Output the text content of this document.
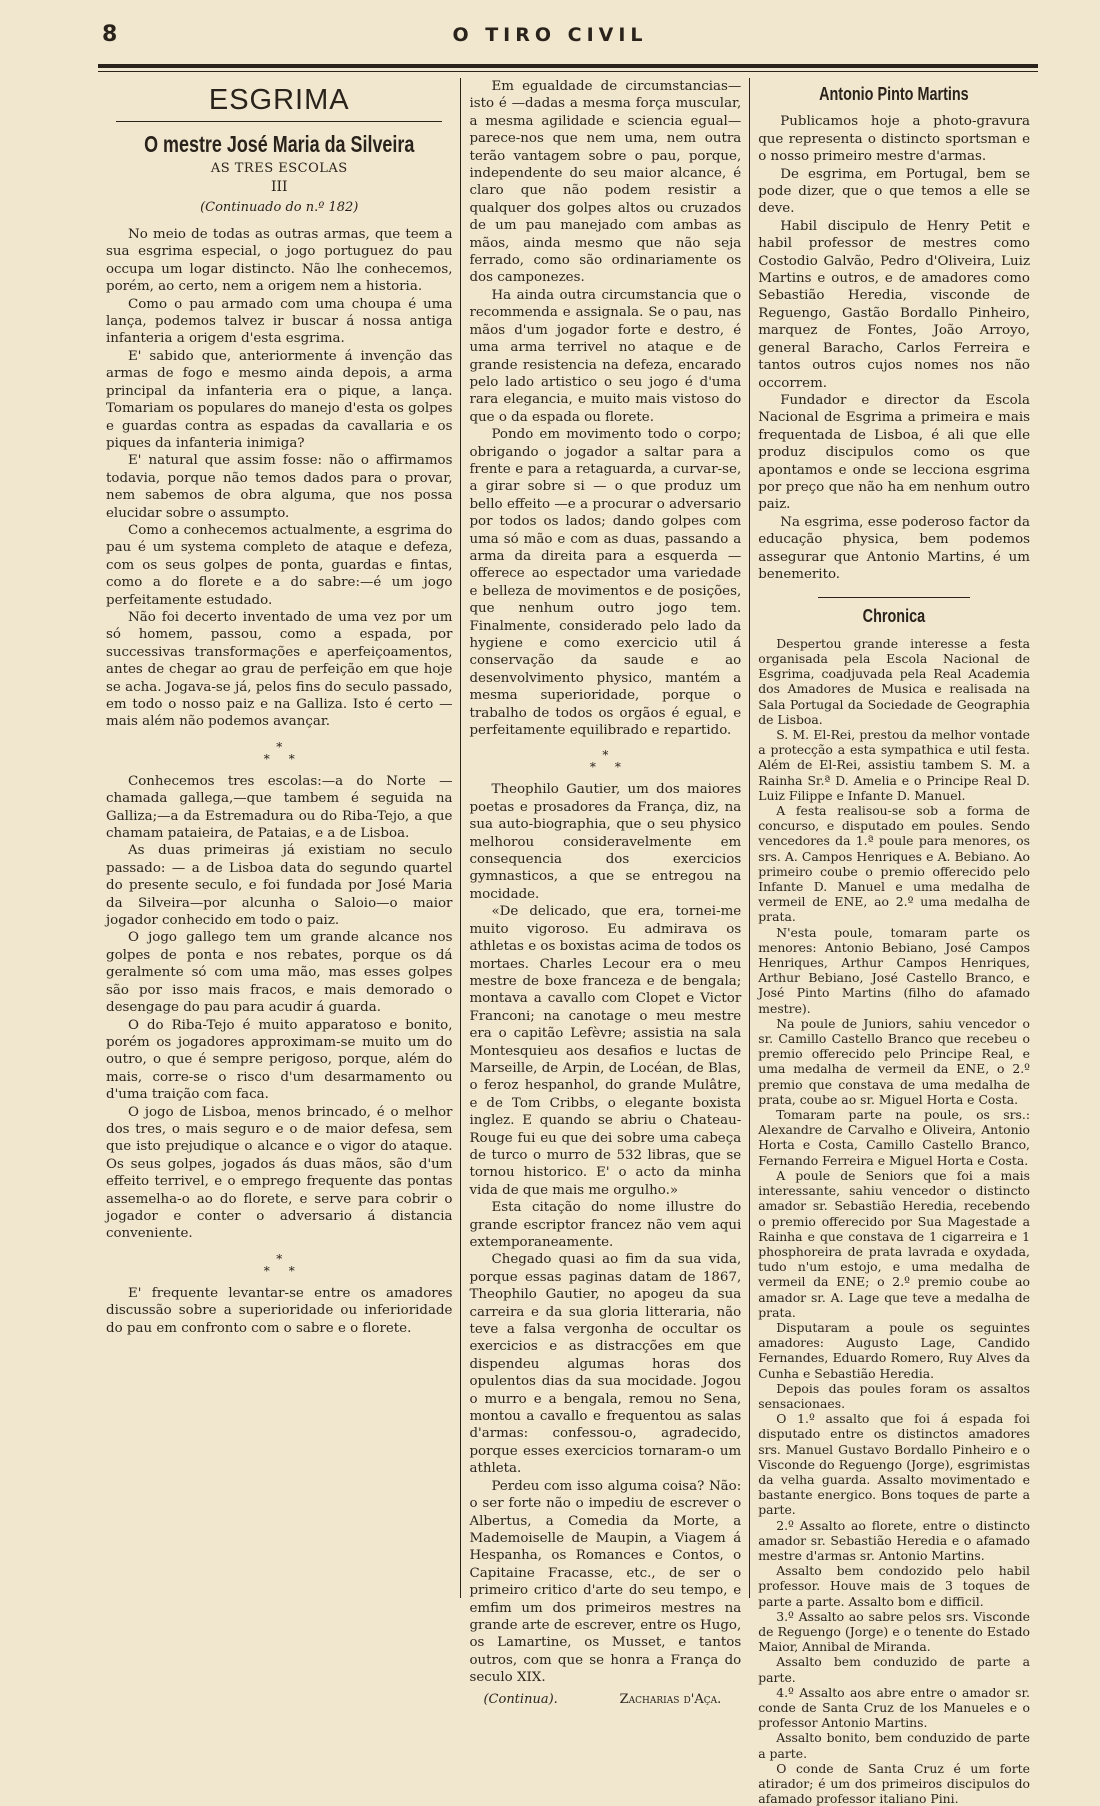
8	O TIRO CIVIL
ESGRIMA
O mestre José Maria da Silveira
AS TRES ESCOLAS
III
(Continuado do n.º 182)

No meio de todas as outras armas, que teem a sua esgrima especial, o jogo portuguez do pau occupa um logar distincto. Não lhe conhecemos, porém, ao certo, nem a origem nem a historia.

Como o pau armado com uma choupa é uma lança, podemos talvez ir buscar á nossa antiga infanteria a origem d'esta esgrima.

E' sabido que, anteriormente á invenção das armas de fogo e mesmo ainda depois, a arma principal da infanteria era o pique, a lança. Tomariam os populares do manejo d'esta os golpes e guardas contra as espadas da cavallaria e os piques da infanteria inimiga?

E' natural que assim fosse: não o affirmamos todavia, porque não temos dados para o provar, nem sabemos de obra alguma, que nos possa elucidar sobre o assumpto.

Como a conhecemos actualmente, a esgrima do pau é um systema completo de ataque e defeza, com os seus golpes de ponta, guardas e fintas, como a do florete e a do sabre:—é um jogo perfeitamente estudado.

Não foi decerto inventado de uma vez por um só homem, passou, como a espada, por successivas transformações e aperfeiçoamentos, antes de chegar ao grau de perfeição em que hoje se acha. Jogava-se já, pelos fins do seculo passado, em todo o nosso paiz e na Galliza. Isto é certo —mais além não podemos avançar.

*
*     *

Conhecemos tres escolas:—a do Norte —chamada gallega,—que tambem é seguida na Galliza;—a da Estremadura ou do Riba-Tejo, a que chamam pataieira, de Pataias, e a de Lisboa.

As duas primeiras já existiam no seculo passado: — a de Lisboa data do segundo quartel do presente seculo, e foi fundada por José Maria da Silveira—por alcunha o Saloio—o maior jogador conhecido em todo o paiz.

O jogo gallego tem um grande alcance nos golpes de ponta e nos rebates, porque os dá geralmente só com uma mão, mas esses golpes são por isso mais fracos, e mais demorado o desengage do pau para acudir á guarda.

O do Riba-Tejo é muito apparatoso e bonito, porém os jogadores approximam-se muito um do outro, o que é sempre perigoso, porque, além do mais, corre-se o risco d'um desarmamento ou d'uma traição com faca.

O jogo de Lisboa, menos brincado, é o melhor dos tres, o mais seguro e o de maior defesa, sem que isto prejudique o alcance e o vigor do ataque. Os seus golpes, jogados ás duas mãos, são d'um effeito terrivel, e o emprego frequente das pontas assemelha-o ao do florete, e serve para cobrir o jogador e conter o adversario á distancia conveniente.

*
*     *

E' frequente levantar-se entre os amadores discussão sobre a superioridade ou inferioridade do pau em confronto com o sabre e o florete.

Em egualdade de circumstancias—isto é —dadas a mesma força muscular, a mesma agilidade e sciencia egual—parece-nos que nem uma, nem outra terão vantagem sobre o pau, porque, independente do seu maior alcance, é claro que não podem resistir a qualquer dos golpes altos ou cruzados de um pau manejado com ambas as mãos, ainda mesmo que não seja ferrado, como são ordinariamente os dos camponezes.

Ha ainda outra circumstancia que o recommenda e assignala. Se o pau, nas mãos d'um jogador forte e destro, é uma arma terrivel no ataque e de grande resistencia na defeza, encarado pelo lado artistico o seu jogo é d'uma rara elegancia, e muito mais vistoso do que o da espada ou florete.

Pondo em movimento todo o corpo; obrigando o jogador a saltar para a frente e para a retaguarda, a curvar-se, a girar sobre si — o que produz um bello effeito —e a procurar o adversario por todos os lados; dando golpes com uma só mão e com as duas, passando a arma da direita para a esquerda — offerece ao espectador uma variedade e belleza de movimentos e de posições, que nenhum outro jogo tem. Finalmente, considerado pelo lado da hygiene e como exercicio util á conservação da saude e ao desenvolvimento physico, mantém a mesma superioridade, porque o trabalho de todos os orgãos é egual, e perfeitamente equilibrado e repartido.

*
*     *

Theophilo Gautier, um dos maiores poetas e prosadores da França, diz, na sua auto-biographia, que o seu physico melhorou consideravelmente em consequencia dos exercicios gymnasticos, a que se entregou na mocidade.

«De delicado, que era, tornei-me muito vigoroso. Eu admirava os athletas e os boxistas acima de todos os mortaes. Charles Lecour era o meu mestre de boxe franceza e de bengala; montava a cavallo com Clopet e Victor Franconi; na canotage o meu mestre era o capitão Lefèvre; assistia na sala Montesquieu aos desafios e luctas de Marseille, de Arpin, de Locéan, de Blas, o feroz hespanhol, do grande Mulâtre, e de Tom Cribbs, o elegante boxista inglez. E quando se abriu o Chateau-Rouge fui eu que dei sobre uma cabeça de turco o murro de 532 libras, que se tornou historico. E' o acto da minha vida de que mais me orgulho.»

Esta citação do nome illustre do grande escriptor francez não vem aqui extemporaneamente.

Chegado quasi ao fim da sua vida, porque essas paginas datam de 1867, Theophilo Gautier, no apogeu da sua carreira e da sua gloria litteraria, não teve a falsa vergonha de occultar os exercicios e as distracções em que dispendeu algumas horas dos opulentos dias da sua mocidade. Jogou o murro e a bengala, remou no Sena, montou a cavallo e frequentou as salas d'armas: confessou-o, agradecido, porque esses exercicios tornaram-o um athleta.

Perdeu com isso alguma coisa? Não: o ser forte não o impediu de escrever o Albertus, a Comedia da Morte, a Mademoiselle de Maupin, a Viagem á Hespanha, os Romances e Contos, o Capitaine Fracasse, etc., de ser o primeiro critico d'arte do seu tempo, e emfim um dos primeiros mestres na grande arte de escrever, entre os Hugo, os Lamartine, os Musset, e tantos outros, com que se honra a França do seculo XIX.

(Continua).	Zacharias d'Aça.
Antonio Pinto Martins

Publicamos hoje a photo-gravura que representa o distincto sportsman e o nosso primeiro mestre d'armas.

De esgrima, em Portugal, bem se pode dizer, que o que temos a elle se deve.

Habil discipulo de Henry Petit e habil professor de mestres como Costodio Galvão, Pedro d'Oliveira, Luiz Martins e outros, e de amadores como Sebastião Heredia, visconde de Reguengo, Gastão Bordallo Pinheiro, marquez de Fontes, João Arroyo, general Baracho, Carlos Ferreira e tantos outros cujos nomes nos não occorrem.

Fundador e director da Escola Nacional de Esgrima a primeira e mais frequentada de Lisboa, é ali que elle produz discipulos como os que apontamos e onde se lecciona esgrima por preço que não ha em nenhum outro paiz.

Na esgrima, esse poderoso factor da educação physica, bem podemos assegurar que Antonio Martins, é um benemerito.

Chronica

Despertou grande interesse a festa organisada pela Escola Nacional de Esgrima, coadjuvada pela Real Academia dos Amadores de Musica e realisada na Sala Portugal da Sociedade de Geographia de Lisboa.

S. M. El-Rei, prestou da melhor vontade a protecção a esta sympathica e util festa. Além de El-Rei, assistiu tambem S. M. a Rainha Sr.ª D. Amelia e o Principe Real D. Luiz Filippe e Infante D. Manuel.

A festa realisou-se sob a forma de concurso, e disputado em poules. Sendo vencedores da 1.ª poule para menores, os srs. A. Campos Henriques e A. Bebiano. Ao primeiro coube o premio offerecido pelo Infante D. Manuel e uma medalha de vermeil de ENE, ao 2.º uma medalha de prata.

N'esta poule, tomaram parte os menores: Antonio Bebiano, José Campos Henriques, Arthur Campos Henriques, Arthur Bebiano, José Castello Branco, e José Pinto Martins (filho do afamado mestre).

Na poule de Juniors, sahiu vencedor o sr. Camillo Castello Branco que recebeu o premio offerecido pelo Principe Real, e uma medalha de vermeil da ENE, o 2.º premio que constava de uma medalha de prata, coube ao sr. Miguel Horta e Costa.

Tomaram parte na poule, os srs.: Alexandre de Carvalho e Oliveira, Antonio Horta e Costa, Camillo Castello Branco, Fernando Ferreira e Miguel Horta e Costa.

A poule de Seniors que foi a mais interessante, sahiu vencedor o distincto amador sr. Sebastião Heredia, recebendo o premio offerecido por Sua Magestade a Rainha e que constava de 1 cigarreira e 1 phosphoreira de prata lavrada e oxydada, tudo n'um estojo, e uma medalha de vermeil da ENE; o 2.º premio coube ao amador sr. A. Lage que teve a medalha de prata.

Disputaram a poule os seguintes amadores: Augusto Lage, Candido Fernandes, Eduardo Romero, Ruy Alves da Cunha e Sebastião Heredia.

Depois das poules foram os assaltos sensacionaes.

O 1.º assalto que foi á espada foi disputado entre os distinctos amadores srs. Manuel Gustavo Bordallo Pinheiro e o Visconde do Reguengo (Jorge), esgrimistas da velha guarda. Assalto movimentado e bastante energico. Bons toques de parte a parte.

2.º Assalto ao florete, entre o distincto amador sr. Sebastião Heredia e o afamado mestre d'armas sr. Antonio Martins.

Assalto bem condozido pelo habil professor. Houve mais de 3 toques de parte a parte. Assalto bom e difficil.

3.º Assalto ao sabre pelos srs. Visconde de Reguengo (Jorge) e o tenente do Estado Maior, Annibal de Miranda.

Assalto bem conduzido de parte a parte.

4.º Assalto aos abre entre o amador sr. conde de Santa Cruz de los Manueles e o professor Antonio Martins.

Assalto bonito, bem conduzido de parte a parte.

O conde de Santa Cruz é um forte atirador; é um dos primeiros discipulos do afamado professor italiano Pini.
